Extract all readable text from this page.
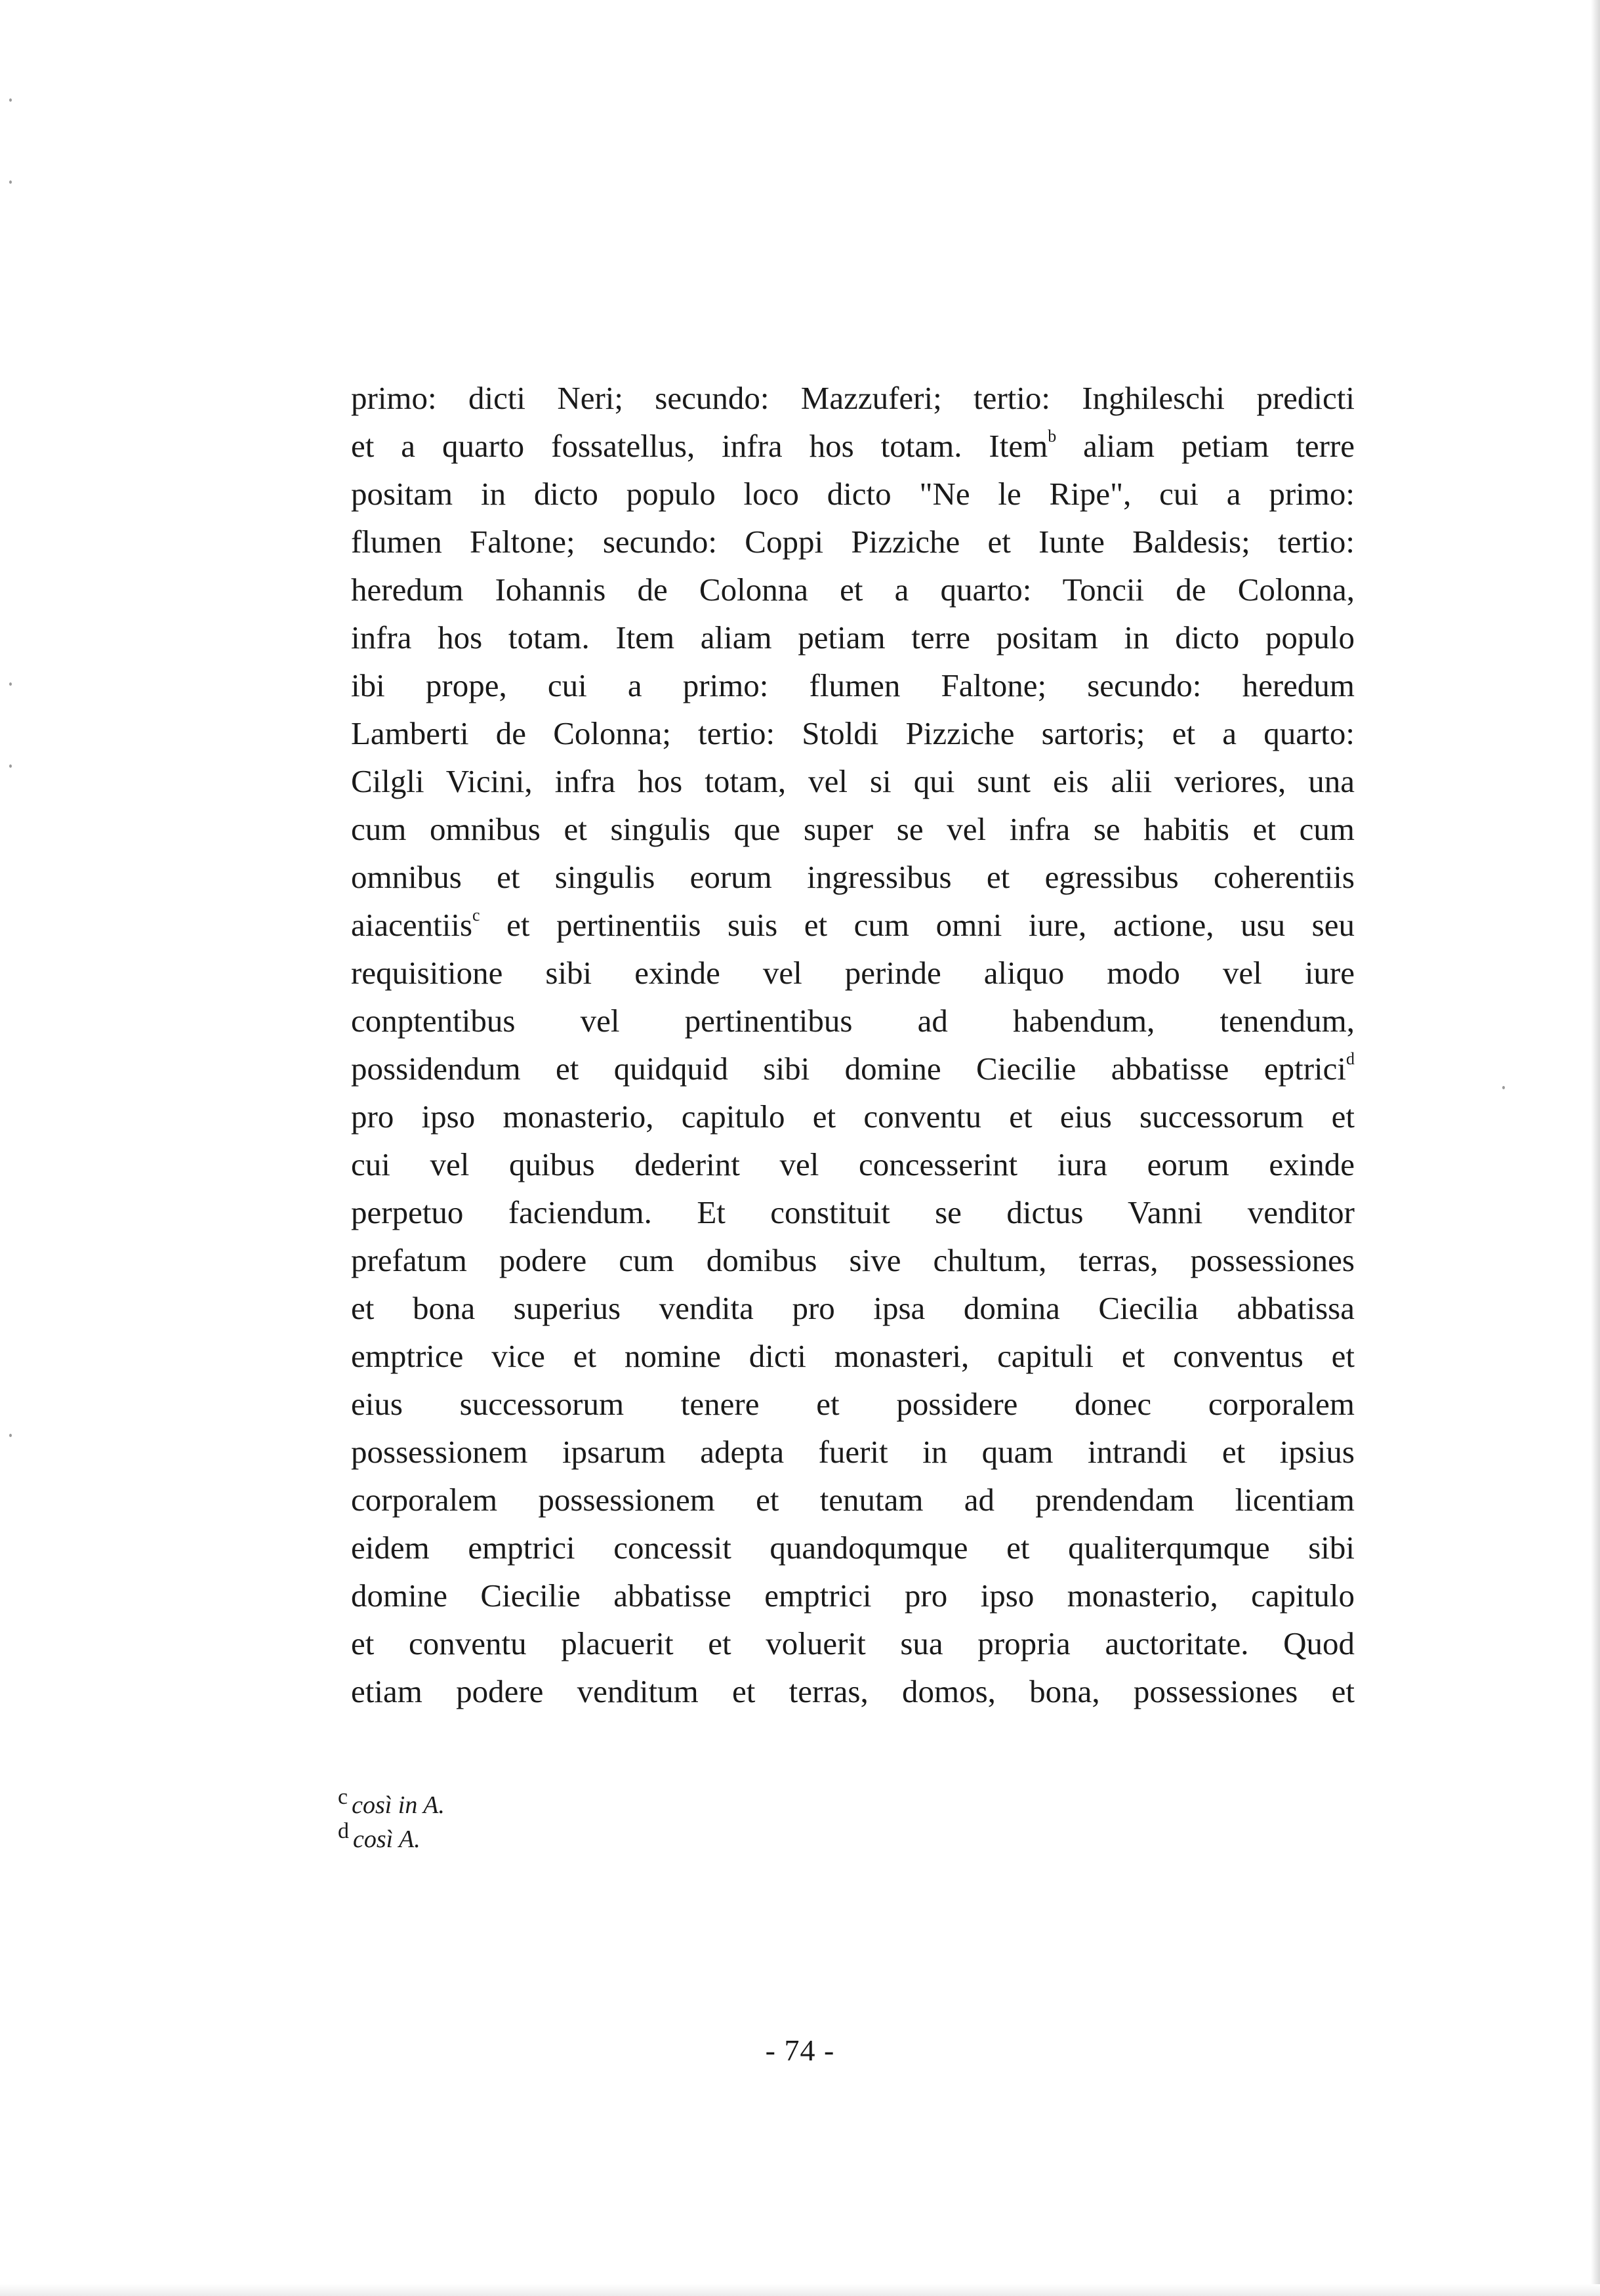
primo: dicti Neri; secundo: Mazzuferi; tertio: Inghileschi predicti
et a quarto fossatellus, infra hos totam. Item$^b$ aliam petiam terre
positam in dicto populo loco dicto "Ne le Ripe", cui a primo:
flumen Faltone; secundo: Coppi Pizziche et Iunte Baldesis; tertio:
heredum Iohannis de Colonna et a quarto: Toncii de Colonna,
infra hos totam. Item aliam petiam terre positam in dicto populo
ibi prope, cui a primo: flumen Faltone; secundo: heredum
Lamberti de Colonna; tertio: Stoldi Pizziche sartoris; et a quarto:
Cilgli Vicini, infra hos totam, vel si qui sunt eis alii veriores, una
cum omnibus et singulis que super se vel infra se habitis et cum
omnibus et singulis eorum ingressibus et egressibus coherentiis
aiacentiis$^c$ et pertinentiis suis et cum omni iure, actione, usu seu
requisitione sibi exinde vel perinde aliquo modo vel iure
conptentibus vel pertinentibus ad habendum, tenendum,
possidendum et quidquid sibi domine Ciecilie abbatisse eptrici$^d$
pro ipso monasterio, capitulo et conventu et eius successorum et
cui vel quibus dederint vel concesserint iura eorum exinde
perpetuo faciendum. Et constituit se dictus Vanni venditor
prefatum podere cum domibus sive chultum, terras, possessiones
et bona superius vendita pro ipsa domina Ciecilia abbatissa
emptrice vice et nomine dicti monasteri, capituli et conventus et
eius successorum tenere et possidere donec corporalem
possessionem ipsarum adepta fuerit in quam intrandi et ipsius
corporalem possessionem et tenutam ad prendendam licentiam
eidem emptrici concessit quandoqumque et qualiterqumque sibi
domine Ciecilie abbatisse emptrici pro ipso monasterio, capitulo
et conventu placuerit et voluerit sua propria auctoritate. Quod
etiam podere venditum et terras, domos, bona, possessiones et
c così in A.
d così A.
- 74 -
